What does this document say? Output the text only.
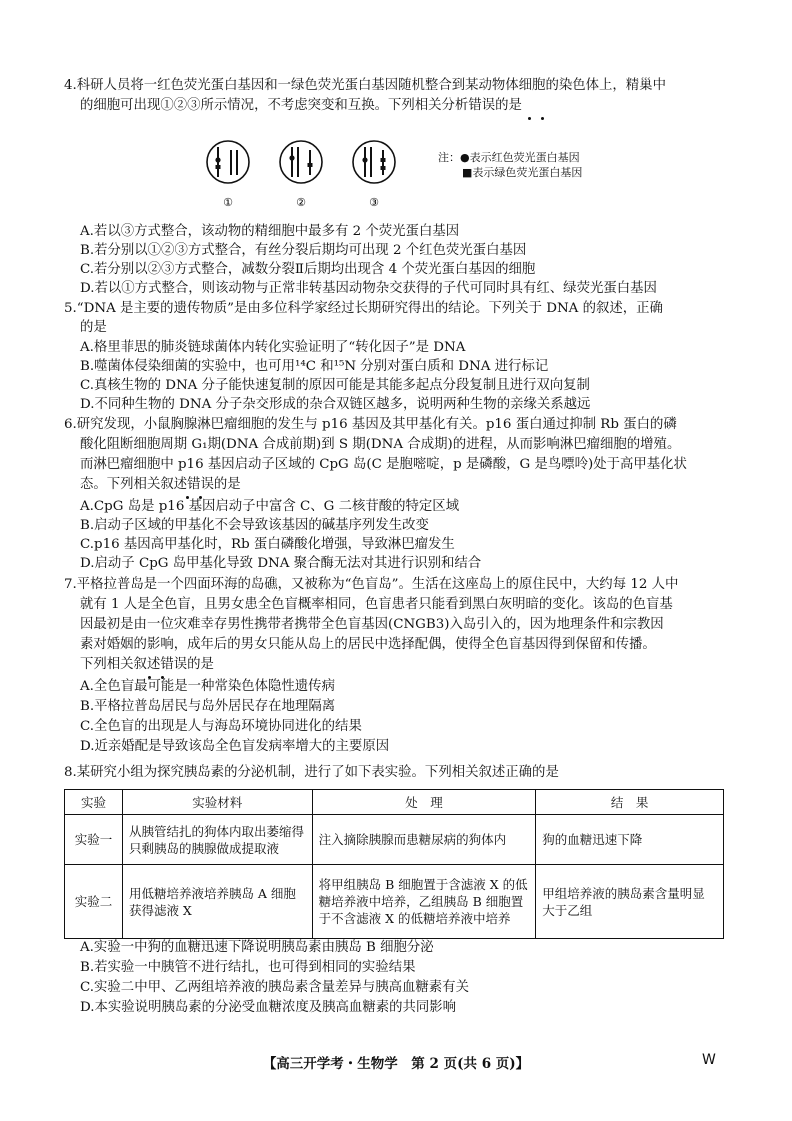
4.科研人员将一红色荧光蛋白基因和一绿色荧光蛋白基因随机整合到某动物体细胞的染色体上，精巢中
的细胞可出现①②③所示情况，不考虑突变和互换。下列相关分析错误的是
①	②	③
注：●表示红色荧光蛋白基因
■表示绿色荧光蛋白基因
A.若以③方式整合，该动物的精细胞中最多有 2 个荧光蛋白基因
B.若分别以①②③方式整合，有丝分裂后期均可出现 2 个红色荧光蛋白基因
C.若分别以②③方式整合，减数分裂Ⅱ后期均出现含 4 个荧光蛋白基因的细胞
D.若以①方式整合，则该动物与正常非转基因动物杂交获得的子代可同时具有红、绿荧光蛋白基因
5.“DNA 是主要的遗传物质”是由多位科学家经过长期研究得出的结论。下列关于 DNA 的叙述，正确
的是
A.格里菲思的肺炎链球菌体内转化实验证明了“转化因子”是 DNA
B.噬菌体侵染细菌的实验中，也可用¹⁴C 和¹⁵N 分别对蛋白质和 DNA 进行标记
C.真核生物的 DNA 分子能快速复制的原因可能是其能多起点分段复制且进行双向复制
D.不同种生物的 DNA 分子杂交形成的杂合双链区越多，说明两种生物的亲缘关系越远
6.研究发现，小鼠胸腺淋巴瘤细胞的发生与 p16 基因及其甲基化有关。p16 蛋白通过抑制 Rb 蛋白的磷
酸化阻断细胞周期 G₁期(DNA 合成前期)到 S 期(DNA 合成期)的进程，从而影响淋巴瘤细胞的增殖。
而淋巴瘤细胞中 p16 基因启动子区域的 CpG 岛(C 是胞嘧啶，p 是磷酸，G 是鸟嘌呤)处于高甲基化状
态。下列相关叙述错误的是
A.CpG 岛是 p16 基因启动子中富含 C、G 二核苷酸的特定区域
B.启动子区域的甲基化不会导致该基因的碱基序列发生改变
C.p16 基因高甲基化时，Rb 蛋白磷酸化增强，导致淋巴瘤发生
D.启动子 CpG 岛甲基化导致 DNA 聚合酶无法对其进行识别和结合
7.平格拉普岛是一个四面环海的岛礁，又被称为“色盲岛”。生活在这座岛上的原住民中，大约每 12 人中
就有 1 人是全色盲，且男女患全色盲概率相同，色盲患者只能看到黑白灰明暗的变化。该岛的色盲基
因最初是由一位灾难幸存男性携带者携带全色盲基因(CNGB3)入岛引入的，因为地理条件和宗教因
素对婚姻的影响，成年后的男女只能从岛上的居民中选择配偶，使得全色盲基因得到保留和传播。
下列相关叙述错误的是
A.全色盲最可能是一种常染色体隐性遗传病
B.平格拉普岛居民与岛外居民存在地理隔离
C.全色盲的出现是人与海岛环境协同进化的结果
D.近亲婚配是导致该岛全色盲发病率增大的主要原因
8.某研究小组为探究胰岛素的分泌机制，进行了如下表实验。下列相关叙述正确的是
实验	实验材料	处　理	结　果
实验一	从胰管结扎的狗体内取出萎缩得只剩胰岛的胰腺做成提取液	注入摘除胰腺而患糖尿病的狗体内	狗的血糖迅速下降
实验二	用低糖培养液培养胰岛 A 细胞获得滤液 X	将甲组胰岛 B 细胞置于含滤液 X 的低糖培养液中培养，乙组胰岛 B 细胞置于不含滤液 X 的低糖培养液中培养	甲组培养液的胰岛素含量明显大于乙组
A.实验一中狗的血糖迅速下降说明胰岛素由胰岛 B 细胞分泌
B.若实验一中胰管不进行结扎，也可得到相同的实验结果
C.实验二中甲、乙两组培养液的胰岛素含量差异与胰高血糖素有关
D.本实验说明胰岛素的分泌受血糖浓度及胰高血糖素的共同影响
【高三开学考・生物学　第 2 页(共 6 页)】	W
